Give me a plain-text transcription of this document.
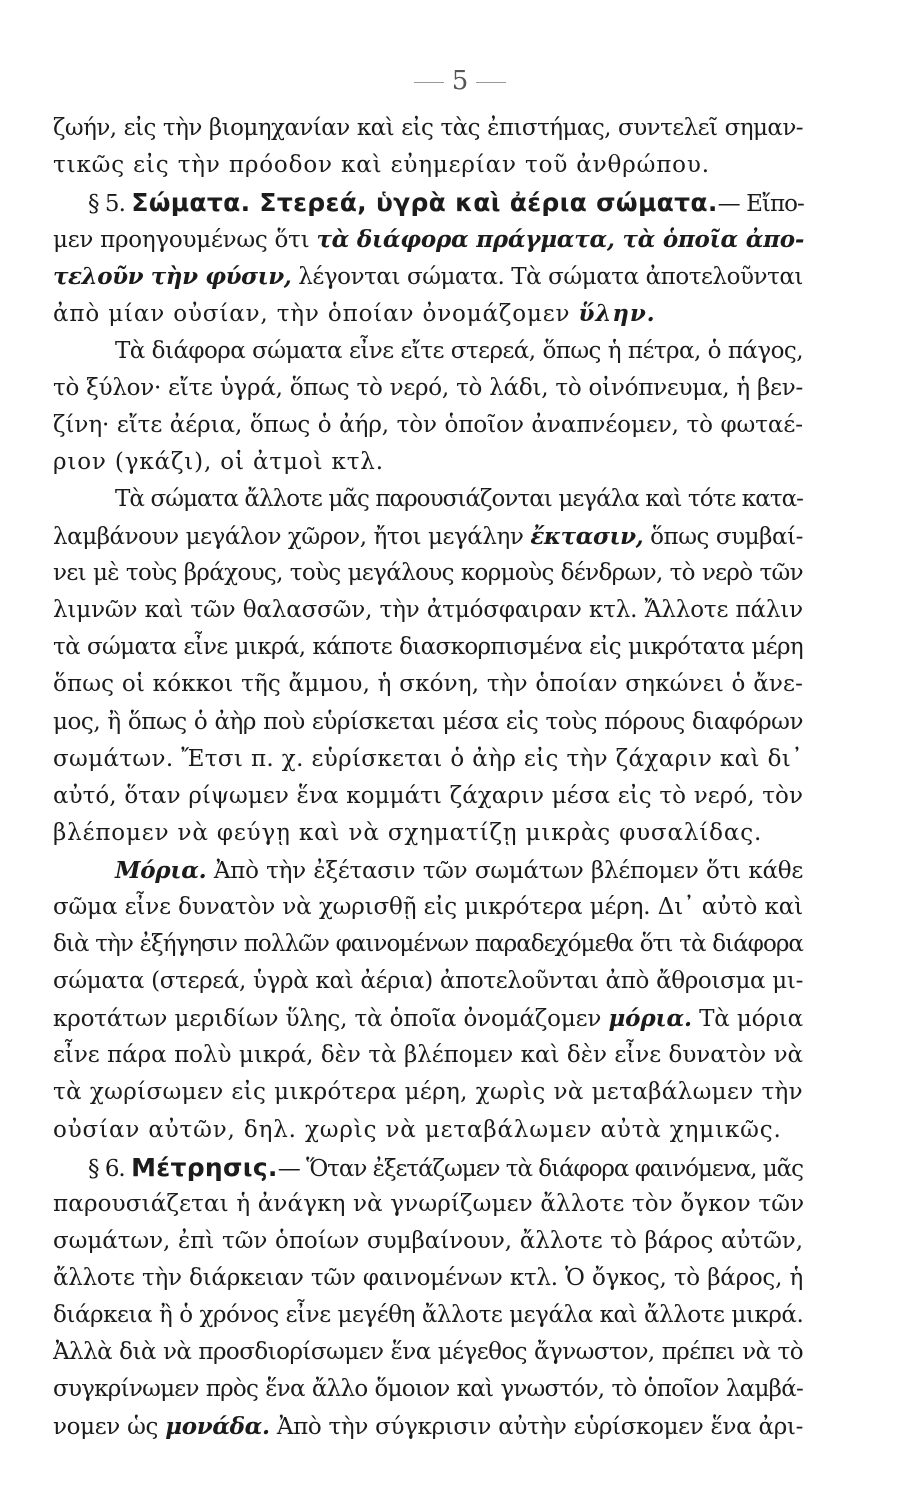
5
ζωήν, εἰς τὴν βιομηχανίαν καὶ εἰς τὰς ἐπιστήμας, συντελεῖ σημαν-
τικῶς εἰς τὴν πρόοδον καὶ εὐημερίαν τοῦ ἀνθρώπου.
§ 5. Σώματα. Στερεά, ὑγρὰ καὶ ἀέρια σώματα.— Εἴπο-
μεν προηγουμένως ὅτι τὰ διάφορα πράγματα, τὰ ὁποῖα ἀπο-
τελοῦν τὴν φύσιν, λέγονται σώματα. Τὰ σώματα ἀποτελοῦνται
ἀπὸ μίαν οὐσίαν, τὴν ὁποίαν ὀνομάζομεν ὕλην.
Τὰ διάφορα σώματα εἶνε εἴτε στερεά, ὅπως ἡ πέτρα, ὁ πάγος,
τὸ ξύλον· εἴτε ὑγρά, ὅπως τὸ νερό, τὸ λάδι, τὸ οἰνόπνευμα, ἡ βεν-
ζίνη· εἴτε ἀέρια, ὅπως ὁ ἀήρ, τὸν ὁποῖον ἀναπνέομεν, τὸ φωταέ-
ριον (γκάζι), οἱ ἀτμοὶ κτλ.
Τὰ σώματα ἄλλοτε μᾶς παρουσιάζονται μεγάλα καὶ τότε κατα-
λαμβάνουν μεγάλον χῶρον, ἤτοι μεγάλην ἔκτασιν, ὅπως συμβαί-
νει μὲ τοὺς βράχους, τοὺς μεγάλους κορμοὺς δένδρων, τὸ νερὸ τῶν
λιμνῶν καὶ τῶν θαλασσῶν, τὴν ἀτμόσφαιραν κτλ. Ἄλλοτε πάλιν
τὰ σώματα εἶνε μικρά, κάποτε διασκορπισμένα εἰς μικρότατα μέρη
ὅπως οἱ κόκκοι τῆς ἄμμου, ἡ σκόνη, τὴν ὁποίαν σηκώνει ὁ ἄνε-
μος, ἢ ὅπως ὁ ἀὴρ ποὺ εὑρίσκεται μέσα εἰς τοὺς πόρους διαφόρων
σωμάτων. Ἔτσι π. χ. εὑρίσκεται ὁ ἀὴρ εἰς τὴν ζάχαριν καὶ δι᾽
αὐτό, ὅταν ρίψωμεν ἕνα κομμάτι ζάχαριν μέσα εἰς τὸ νερό, τὸν
βλέπομεν νὰ φεύγῃ καὶ νὰ σχηματίζῃ μικρὰς φυσαλίδας.
Μόρια. Ἀπὸ τὴν ἐξέτασιν τῶν σωμάτων βλέπομεν ὅτι κάθε
σῶμα εἶνε δυνατὸν νὰ χωρισθῇ εἰς μικρότερα μέρη. Δι᾽ αὐτὸ καὶ
διὰ τὴν ἐξήγησιν πολλῶν φαινομένων παραδεχόμεθα ὅτι τὰ διάφορα
σώματα (στερεά, ὑγρὰ καὶ ἀέρια) ἀποτελοῦνται ἀπὸ ἄθροισμα μι-
κροτάτων μεριδίων ὕλης, τὰ ὁποῖα ὀνομάζομεν μόρια. Τὰ μόρια
εἶνε πάρα πολὺ μικρά, δὲν τὰ βλέπομεν καὶ δὲν εἶνε δυνατὸν νὰ
τὰ χωρίσωμεν εἰς μικρότερα μέρη, χωρὶς νὰ μεταβάλωμεν τὴν
οὐσίαν αὐτῶν, δηλ. χωρὶς νὰ μεταβάλωμεν αὐτὰ χημικῶς.
§ 6. Μέτρησις.— Ὅταν ἐξετάζωμεν τὰ διάφορα φαινόμενα, μᾶς
παρουσιάζεται ἡ ἀνάγκη νὰ γνωρίζωμεν ἄλλοτε τὸν ὄγκον τῶν
σωμάτων, ἐπὶ τῶν ὁποίων συμβαίνουν, ἄλλοτε τὸ βάρος αὐτῶν,
ἄλλοτε τὴν διάρκειαν τῶν φαινομένων κτλ. Ὁ ὄγκος, τὸ βάρος, ἡ
διάρκεια ἢ ὁ χρόνος εἶνε μεγέθη ἄλλοτε μεγάλα καὶ ἄλλοτε μικρά.
Ἀλλὰ διὰ νὰ προσδιορίσωμεν ἕνα μέγεθος ἄγνωστον, πρέπει νὰ τὸ
συγκρίνωμεν πρὸς ἕνα ἄλλο ὅμοιον καὶ γνωστόν, τὸ ὁποῖον λαμβά-
νομεν ὡς μονάδα. Ἀπὸ τὴν σύγκρισιν αὐτὴν εὑρίσκομεν ἕνα ἀρι-
